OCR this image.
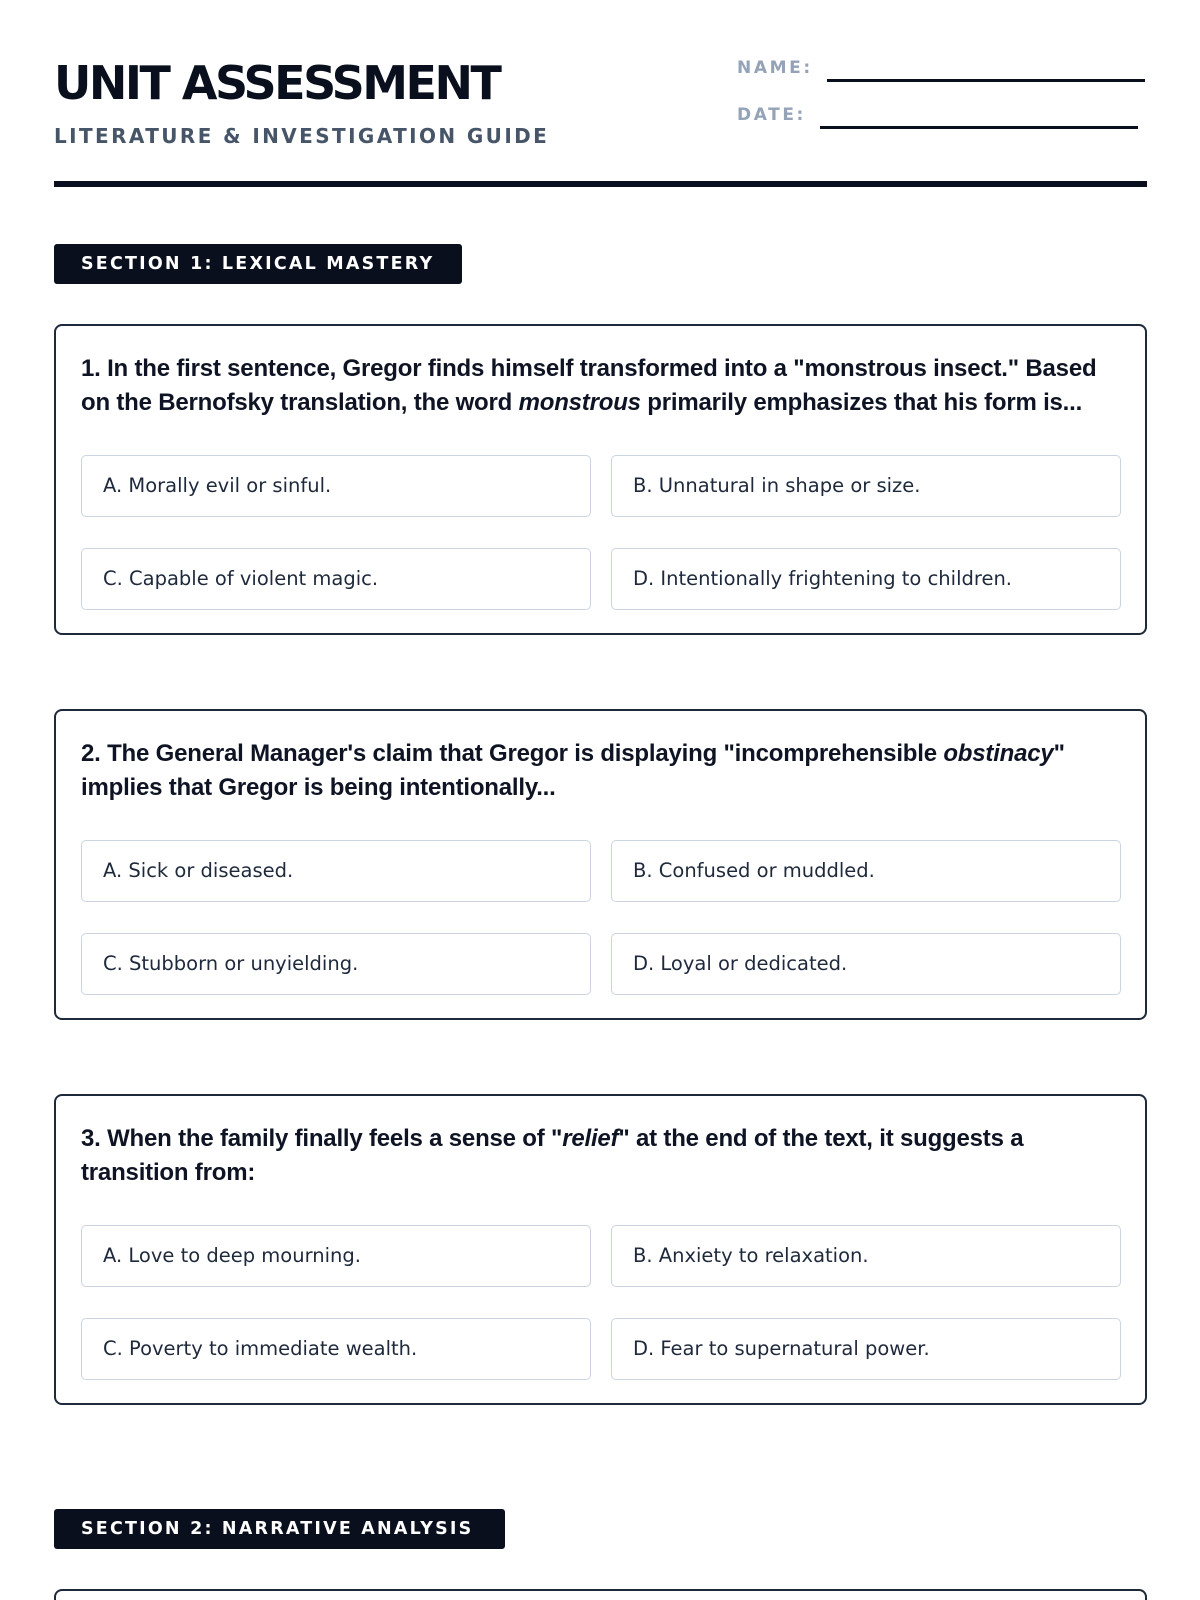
UNIT ASSESSMENT
LITERATURE & INVESTIGATION GUIDE
NAME:
DATE:
SECTION 1: LEXICAL MASTERY

1. In the first sentence, Gregor finds himself transformed into a "monstrous insect." Based on the Bernofsky translation, the word monstrous primarily emphasizes that his form is...

A. Morally evil or sinful.	B. Unnatural in shape or size.
C. Capable of violent magic.	D. Intentionally frightening to children.

2. The General Manager's claim that Gregor is displaying "incomprehensible obstinacy" implies that Gregor is being intentionally...

A. Sick or diseased.	B. Confused or muddled.
C. Stubborn or unyielding.	D. Loyal or dedicated.

3. When the family finally feels a sense of "relief" at the end of the text, it suggests a transition from:

A. Love to deep mourning.	B. Anxiety to relaxation.
C. Poverty to immediate wealth.	D. Fear to supernatural power.
SECTION 2: NARRATIVE ANALYSIS
